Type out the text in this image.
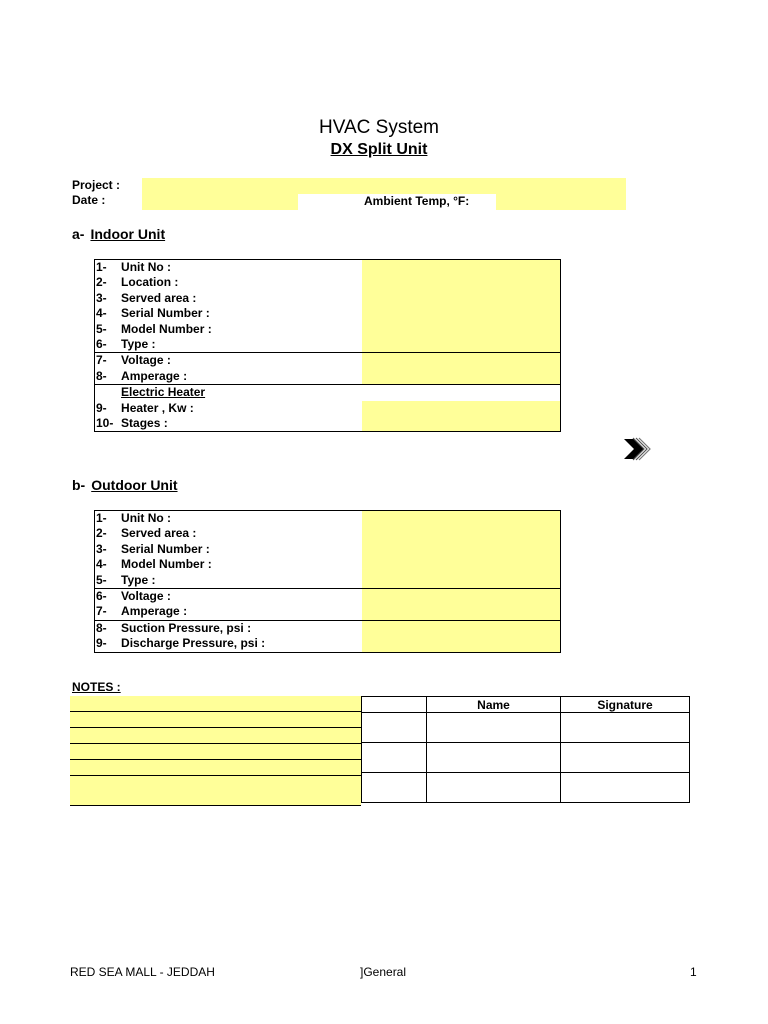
HVAC System
DX Split Unit
Project :
Date :	Ambient Temp, °F:
a- Indoor Unit
1-	Unit No :	
2-	Location :	
3-	Served area :	
4-	Serial Number :	
5-	Model Number :	
6-	Type :	
7-	Voltage :	
8-	Amperage :	
	Electric Heater	
9-	Heater , Kw :	
10-	Stages :	
b- Outdoor Unit
1-	Unit No :	
2-	Served area :	
3-	Serial Number :	
4-	Model Number :	
5-	Type :	
6-	Voltage :	
7-	Amperage :	
8-	Suction Pressure, psi :	
9-	Discharge Pressure, psi :	
NOTES :
	Name	Signature

RED SEA MALL - JEDDAH	]General	1
